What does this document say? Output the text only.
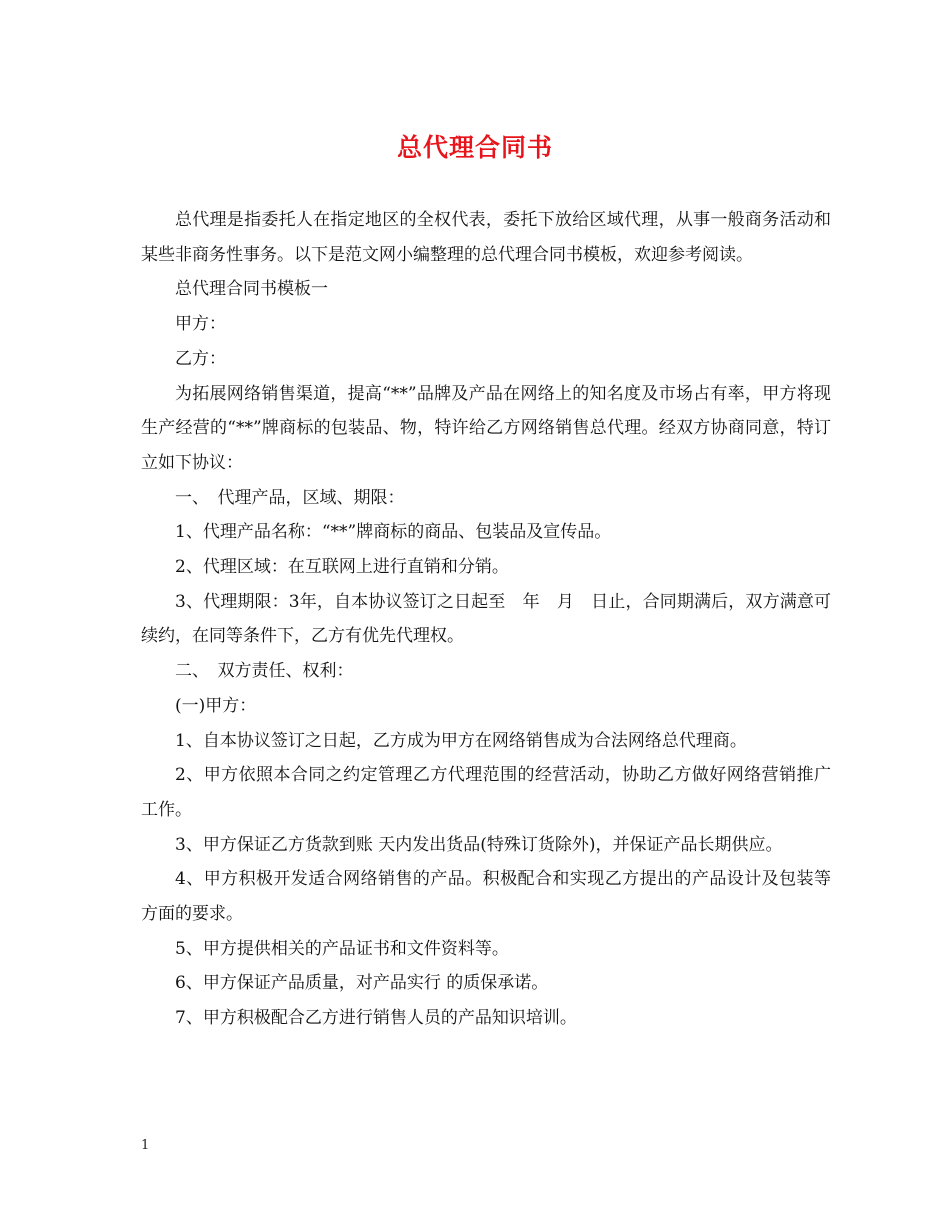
总代理合同书

总代理是指委托人在指定地区的全权代表，委托下放给区域代理，从事一般商务活动和某些非商务性事务。以下是范文网小编整理的总代理合同书模板，欢迎参考阅读。

总代理合同书模板一

甲方：

乙方：

为拓展网络销售渠道，提高“**”品牌及产品在网络上的知名度及市场占有率，甲方将现生产经营的“**”牌商标的包装品、物，特许给乙方网络销售总代理。经双方协商同意，特订立如下协议：

一、　代理产品，区域、期限：

1、代理产品名称：“**”牌商标的商品、包装品及宣传品。

2、代理区域：在互联网上进行直销和分销。

3、代理期限：3年，自本协议签订之日起至　年　月　日止，合同期满后，双方满意可续约，在同等条件下，乙方有优先代理权。

二、　双方责任、权利：

(一)甲方：

1、自本协议签订之日起，乙方成为甲方在网络销售成为合法网络总代理商。

2、甲方依照本合同之约定管理乙方代理范围的经营活动，协助乙方做好网络营销推广工作。

3、甲方保证乙方货款到账 天内发出货品(特殊订货除外)，并保证产品长期供应。

4、甲方积极开发适合网络销售的产品。积极配合和实现乙方提出的产品设计及包装等方面的要求。

5、甲方提供相关的产品证书和文件资料等。

6、甲方保证产品质量，对产品实行 的质保承诺。

7、甲方积极配合乙方进行销售人员的产品知识培训。

1
